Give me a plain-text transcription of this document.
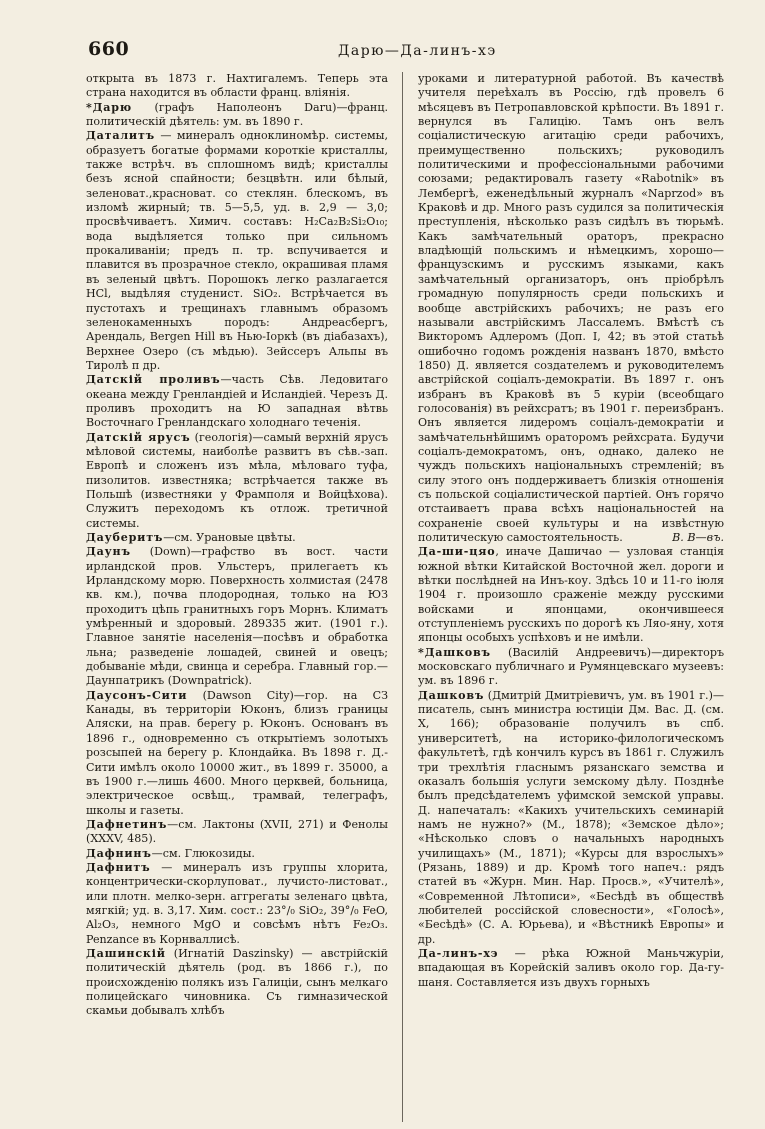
660	Дарю—Да-линъ-хэ

открыта въ 1873 г. Нахтигалемъ. Теперь эта страна находится въ области франц. вліянія.

*Дарю (графъ Наполеонъ Daru)—франц. политическій дѣятель: ум. въ 1890 г.

Даталитъ — минералъ одноклиномѣр. системы, образуетъ богатые формами короткіе кристаллы, также встрѣч. въ сплошномъ видѣ; кристаллы безъ ясной спайности; безцвѣтн. или бѣлый, зеленоват.,красноват. со стеклян. блескомъ, въ изломѣ жирный; тв. 5—5,5, уд. в. 2,9 — 3,0; просвѣчиваетъ. Химич. составъ: H₂Ca₂B₂Si₂O₁₀; вода выдѣляется только при сильномъ прокаливаніи; предъ п. тр. вспучивается и плавится въ прозрачное стекло, окрашивая пламя въ зеленый цвѣтъ. Порошокъ легко разлагается HCl, выдѣляя студенист. SiO₂. Встрѣчается въ пустотахъ и трещинахъ главнымъ образомъ зеленокаменныхъ породъ: Андреасбергъ, Арендаль, Bergen Hill въ Нью-Іоркѣ (въ діабазахъ), Верхнее Озеро (съ мѣдью). Зейссеръ Альпы въ Тиролѣ п др.

Датскій проливъ—часть Сѣв. Ледовитаго океана между Гренландіей и Исландіей. Черезъ Д. проливъ проходитъ на Ю западная вѣтвь Восточнаго Гренландскаго холоднаго теченія.

Датскій ярусъ (геологія)—самый верхній ярусъ мѣловой системы, наиболѣе развитъ въ сѣв.-зап. Европѣ и сложенъ изъ мѣла, мѣловаго туфа, пизолитов. известняка; встрѣчается также въ Польшѣ (известняки у Фрамполя и Войцѣхова). Служитъ переходомъ къ отлож. третичной системы.

Дауберитъ—см. Урановые цвѣты.

Даунъ (Down)—графство въ вост. части ирландской пров. Ульстеръ, прилегаетъ къ Ирландскому морю. Поверхность холмистая (2478 кв. км.), почва плодородная, только на ЮЗ проходитъ цѣпь гранитныхъ горъ Морнъ. Климатъ умѣренный и здоровый. 289335 жит. (1901 г.). Главное занятіе населенія—посѣвъ и обработка льна; разведеніе лошадей, свиней и овецъ; добываніе мѣди, свинца и серебра. Главный гор.—Даунпатрикъ (Downpatrick).

Даусонъ-Сити (Dawson City)—гор. на СЗ Канады, въ территоріи Юконъ, близъ границы Аляски, на прав. берегу р. Юконъ. Основанъ въ 1896 г., одновременно съ открытіемъ золотыхъ розсыпей на берегу р. Клондайка. Въ 1898 г. Д.-Сити имѣлъ около 10000 жит., въ 1899 г. 35000, а въ 1900 г.—лишь 4600. Много церквей, больница, электрическое освѣщ., трамвай, телеграфъ, школы и газеты.

Дафнетинъ—см. Лактоны (XVII, 271) и Фенолы (XXXV, 485).

Дафнинъ—см. Глюкозиды.

Дафнитъ — минералъ изъ группы хлорита, концентрически-скорлуповат., лучисто-листоват., или плотн. мелко-зерн. аггрегаты зеленаго цвѣта, мягкій; уд. в. 3,17. Хим. сост.: 23°/₀ SiO₂, 39°/₀ FeO, Al₂O₃, немного MgO и совсѣмъ нѣтъ Fe₂O₃. Penzance въ Корнваллисѣ.

Дашинскій (Игнатій Daszinsky) — австрійскій политическій дѣятель (род. въ 1866 г.), по происхожденію полякъ изъ Галиціи, сынъ мелкаго полицейскаго чиновника. Съ гимназической скамьи добывалъ хлѣбъ

уроками и литературной работой. Въ качествѣ учителя переѣхалъ въ Россію, гдѣ провелъ 6 мѣсяцевъ въ Петропавловской крѣпости. Въ 1891 г. вернулся въ Галицію. Тамъ онъ велъ соціалистическую агитацію среди рабочихъ, преимущественно польскихъ; руководилъ политическими и профессіональными рабочими союзами; редактировалъ газету «Rabotnik» въ Лембергѣ, еженедѣльный журналъ «Naprzod» въ Краковѣ и др. Много разъ судился за политическія преступленія, нѣсколько разъ сидѣлъ въ тюрьмѣ. Какъ замѣчательный ораторъ, прекрасно владѣющій польскимъ и нѣмецкимъ, хорошо—французскимъ и русскимъ языками, какъ замѣчательный организаторъ, онъ пріобрѣлъ громадную популярность среди польскихъ и вообще австрійскихъ рабочихъ; не разъ его называли австрійскимъ Лассалемъ. Вмѣстѣ съ Викторомъ Адлеромъ (Доп. I, 42; въ этой статьѣ ошибочно годомъ рожденія названъ 1870, вмѣсто 1850) Д. является создателемъ и руководителемъ австрійской соціалъ-демократіи. Въ 1897 г. онъ избранъ въ Краковѣ въ 5 куріи (всеобщаго голосованія) въ рейхсратъ; въ 1901 г. переизбранъ. Онъ является лидеромъ соціалъ-демократіи и замѣчательнѣйшимъ ораторомъ рейхсрата. Будучи соціалъ-демократомъ, онъ, однако, далеко не чуждъ польскихъ національныхъ стремленій; въ силу этого онъ поддерживаетъ близкія отношенія съ польской соціалистической партіей. Онъ горячо отстаиваетъ права всѣхъ національностей на сохраненіе своей культуры и на извѣстную политическую самостоятельность.	В. В—въ.

Да-ши-цяо, иначе Дашичао — узловая станція южной вѣтки Китайской Восточной жел. дороги и вѣтки послѣдней на Инъ-коу. Здѣсь 10 и 11-го іюля 1904 г. произошло сраженіе между русскими войсками и японцами, окончившееся отступленіемъ русскихъ по дорогѣ къ Ляо-яну, хотя японцы особыхъ успѣховъ и не имѣли.

*Дашковъ (Василій Андреевичъ)—директоръ московскаго публичнаго и Румянцевскаго музеевъ: ум. въ 1896 г.

Дашковъ (Дмитрій Дмитріевичъ, ум. въ 1901 г.)—писатель, сынъ министра юстиціи Дм. Вас. Д. (см. X, 166); образованіе получилъ въ спб. университетѣ, на историко-филологическомъ факультетѣ, гдѣ кончилъ курсъ въ 1861 г. Служилъ три трехлѣтія гласнымъ рязанскаго земства и оказалъ большія услуги земскому дѣлу. Позднѣе былъ предсѣдателемъ уфимской земской управы. Д. напечаталъ: «Какихъ учительскихъ семинарій намъ не нужно?» (М., 1878); «Земское дѣло»; «Нѣсколько словъ о начальныхъ народныхъ училищахъ» (М., 1871); «Курсы для взрослыхъ» (Рязань, 1889) и др. Кромѣ того напеч.: рядъ статей въ «Журн. Мин. Нар. Просв.», «Учителѣ», «Современной Лѣтописи», «Бесѣдѣ въ обществѣ любителей россійской словесности», «Голосѣ», «Бесѣдѣ» (С. А. Юрьева), и «Вѣстникѣ Европы» и др.

Да-линъ-хэ — рѣка Южной Маньчжуріи, впадающая въ Корейскій заливъ около гор. Да-гу-шаня. Составляется изъ двухъ горныхъ
